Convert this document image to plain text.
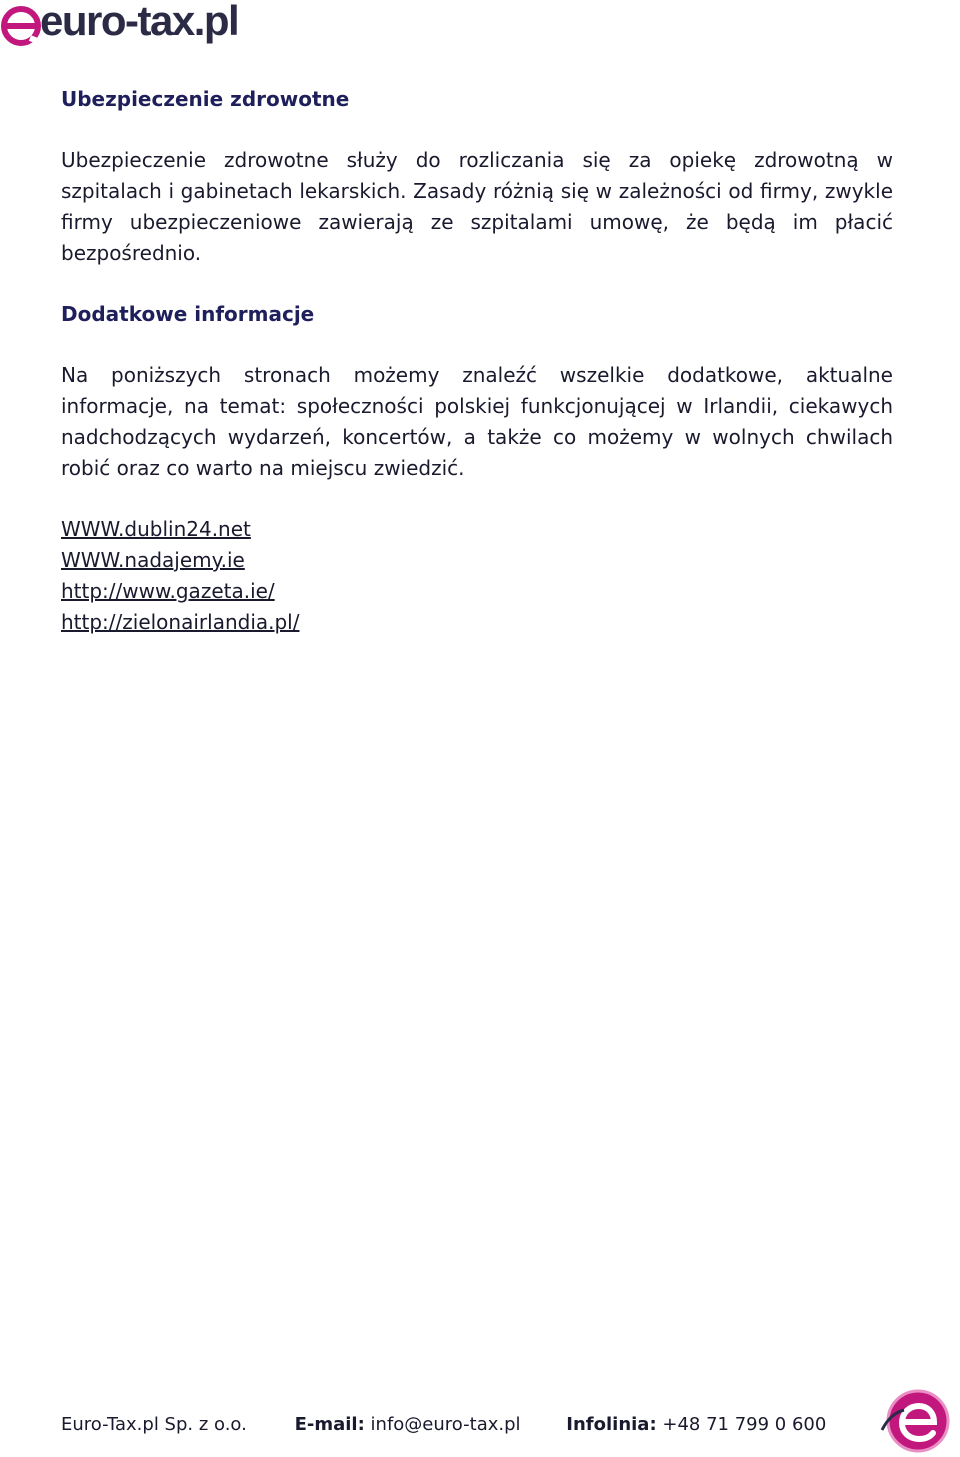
euro-tax.pl
Ubezpieczenie zdrowotne

Ubezpieczenie zdrowotne służy do rozliczania się za opiekę zdrowotną w szpitalach i gabinetach lekarskich. Zasady różnią się w zależności od firmy, zwykle firmy ubezpieczeniowe zawierają ze szpitalami umowę, że będą im płacić bezpośrednio.

Dodatkowe informacje

Na poniższych stronach możemy znaleźć wszelkie dodatkowe, aktualne informacje, na temat: społeczności polskiej funkcjonującej w Irlandii, ciekawych nadchodzących wydarzeń, koncertów, a także co możemy w wolnych chwilach robić oraz co warto na miejscu zwiedzić.

WWW.dublin24.net
WWW.nadajemy.ie
http://www.gazeta.ie/
http://zielonairlandia.pl/
Euro-Tax.pl Sp. z o.o.	E-mail: info@euro-tax.pl	Infolinia: +48 71 799 0 600
